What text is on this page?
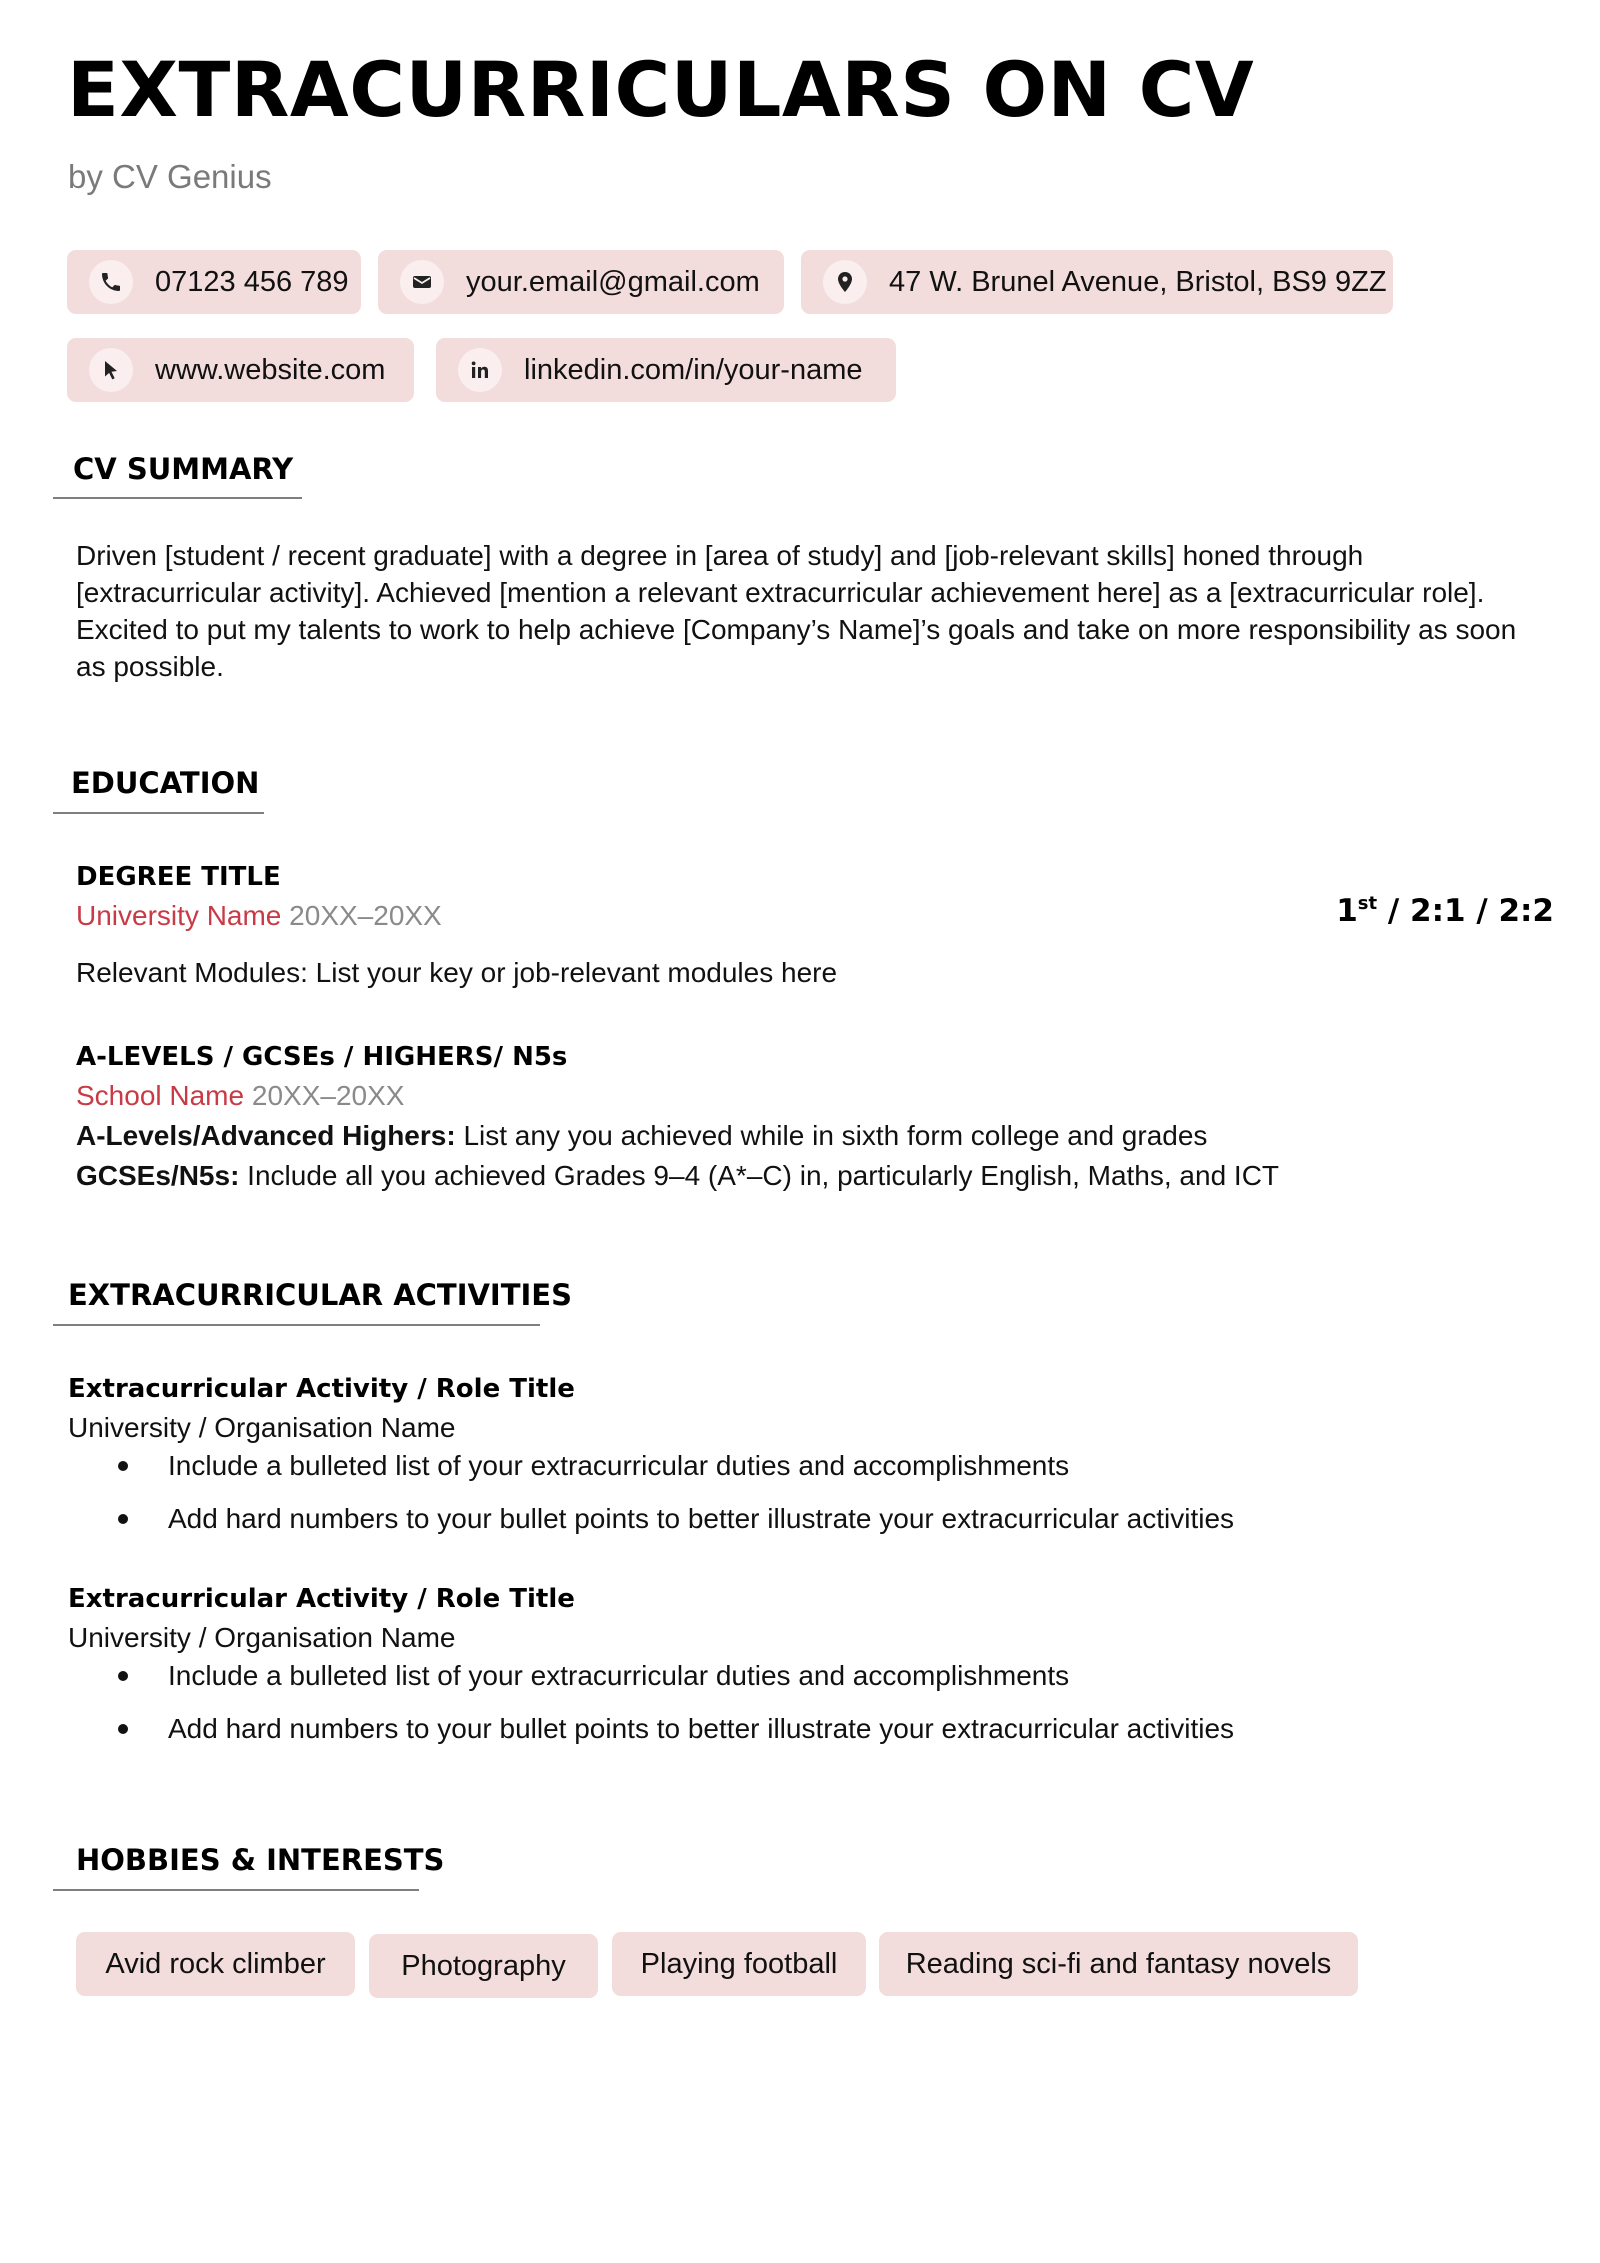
EXTRACURRICULARS ON CV
by CV Genius
07123 456 789	your.email@gmail.com	47 W. Brunel Avenue, Bristol, BS9 9ZZ
www.website.com	linkedin.com/in/your-name
CV SUMMARY

Driven [student / recent graduate] with a degree in [area of study] and [job-relevant skills] honed through [extracurricular activity]. Achieved [mention a relevant extracurricular achievement here] as a [extracurricular role]. Excited to put my talents to work to help achieve [Company’s Name]’s goals and take on more responsibility as soon as possible.

EDUCATION
DEGREE TITLE
University Name 20XX–20XX	1st / 2:1 / 2:2
Relevant Modules: List your key or job-relevant modules here
A-LEVELS / GCSEs / HIGHERS/ N5s
School Name 20XX–20XX
A-Levels/Advanced Highers: List any you achieved while in sixth form college and grades
GCSEs/N5s: Include all you achieved Grades 9–4 (A*–C) in, particularly English, Maths, and ICT
EXTRACURRICULAR ACTIVITIES
Extracurricular Activity / Role Title
University / Organisation Name
Include a bulleted list of your extracurricular duties and accomplishments
Add hard numbers to your bullet points to better illustrate your extracurricular activities
Extracurricular Activity / Role Title
University / Organisation Name
Include a bulleted list of your extracurricular duties and accomplishments
Add hard numbers to your bullet points to better illustrate your extracurricular activities
HOBBIES & INTERESTS
Avid rock climber	Photography	Playing football	Reading sci-fi and fantasy novels
